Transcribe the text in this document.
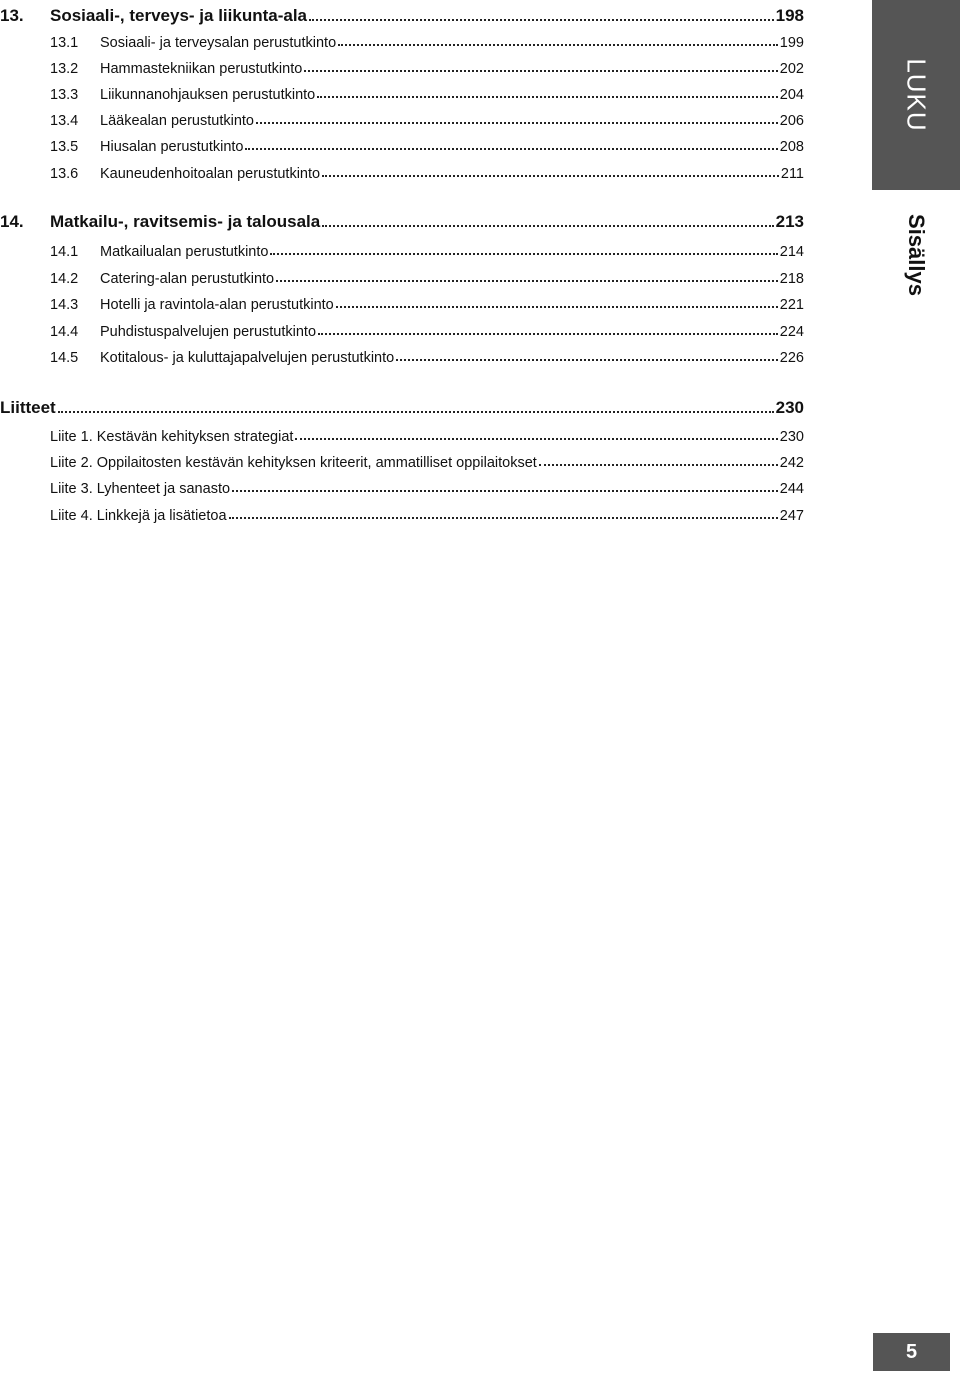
13.	Sosiaali-, terveys- ja liikunta-ala	198
13.1	Sosiaali- ja terveysalan perustutkinto	199
13.2	Hammastekniikan perustutkinto	202
13.3	Liikunnanohjauksen perustutkinto	204
13.4	Lääkealan perustutkinto	206
13.5	Hiusalan perustutkinto	208
13.6	Kauneudenhoitoalan perustutkinto	211
14.	Matkailu-, ravitsemis- ja talousala	213
14.1	Matkailualan perustutkinto	214
14.2	Catering-alan perustutkinto	218
14.3	Hotelli ja ravintola-alan perustutkinto	221
14.4	Puhdistuspalvelujen perustutkinto	224
14.5	Kotitalous- ja kuluttajapalvelujen perustutkinto	226
Liitteet	230
Liite 1. Kestävän kehityksen strategiat	230
Liite 2. Oppilaitosten kestävän kehityksen kriteerit, ammatilliset oppilaitokset	242
Liite 3. Lyhenteet ja sanasto	244
Liite 4. Linkkejä ja lisätietoa	247
LUKU
Sisällys
5
